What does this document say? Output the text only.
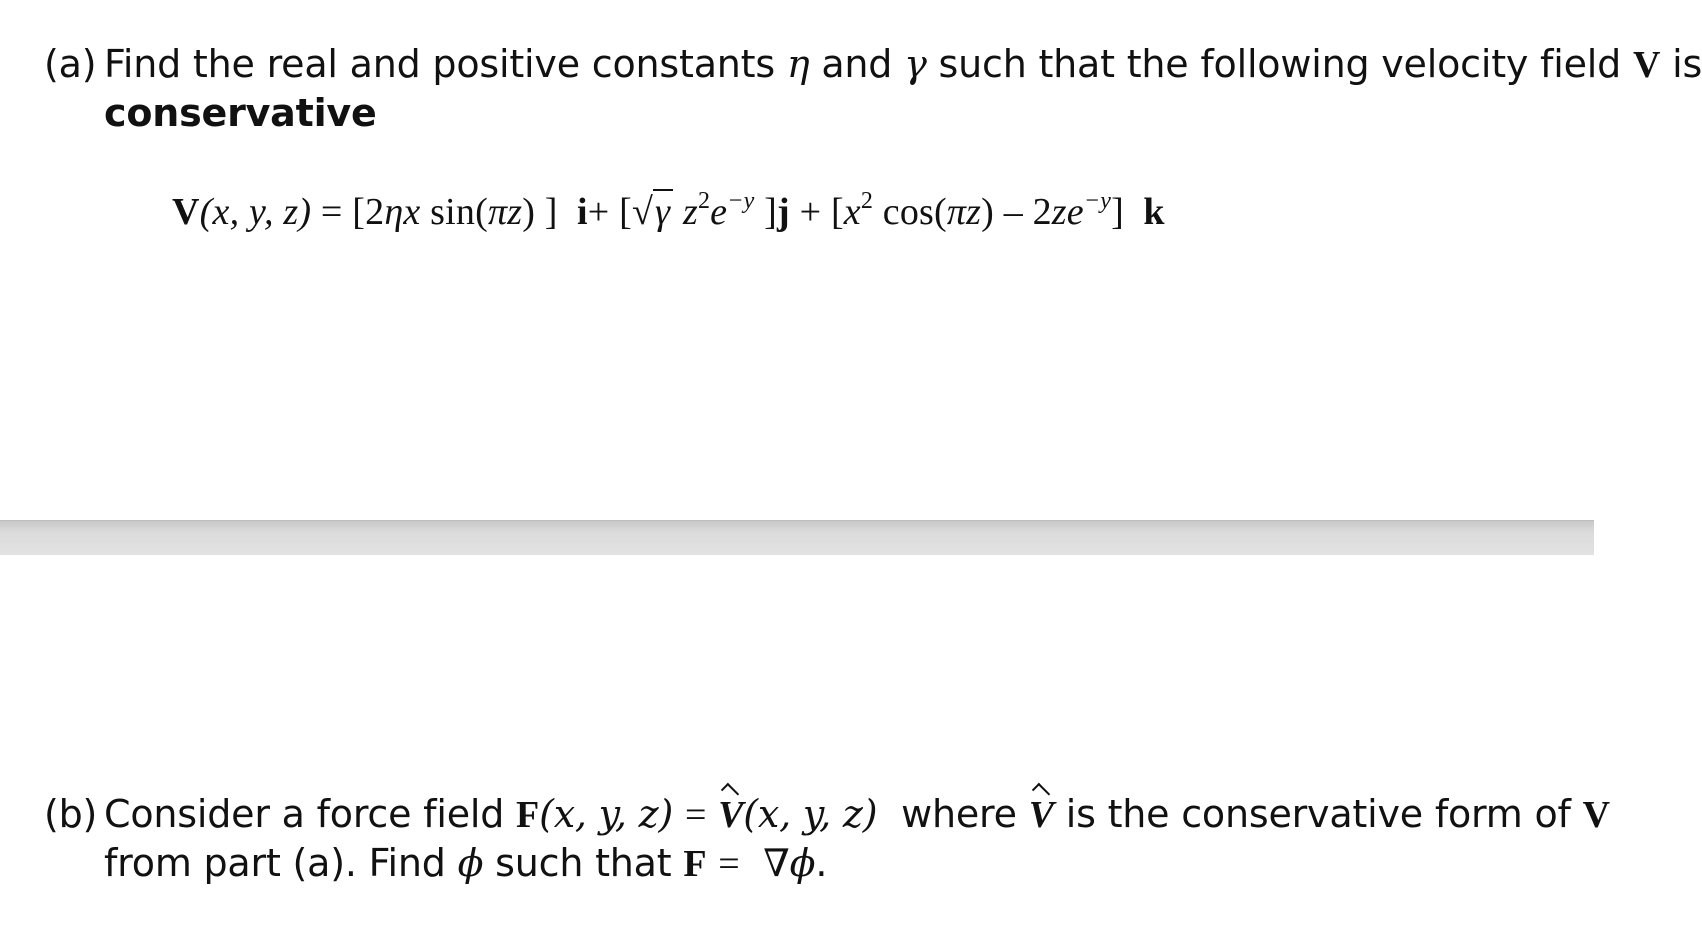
(a) Find the real and positive constants η and γ such that the following velocity field V is
conservative
V(x, y, z) = [2ηx sin(πz) ] i+ [√γ $z^2e^{-y}$ ]$j + [x^2$ $\cos(\pi z) - 2ze^{-y}$] k
(b) Consider a force field F(x, y, z) = V(x, y, z) where V is the conservative form of V
from part (a). Find ϕ such that F = ∇ϕ.
